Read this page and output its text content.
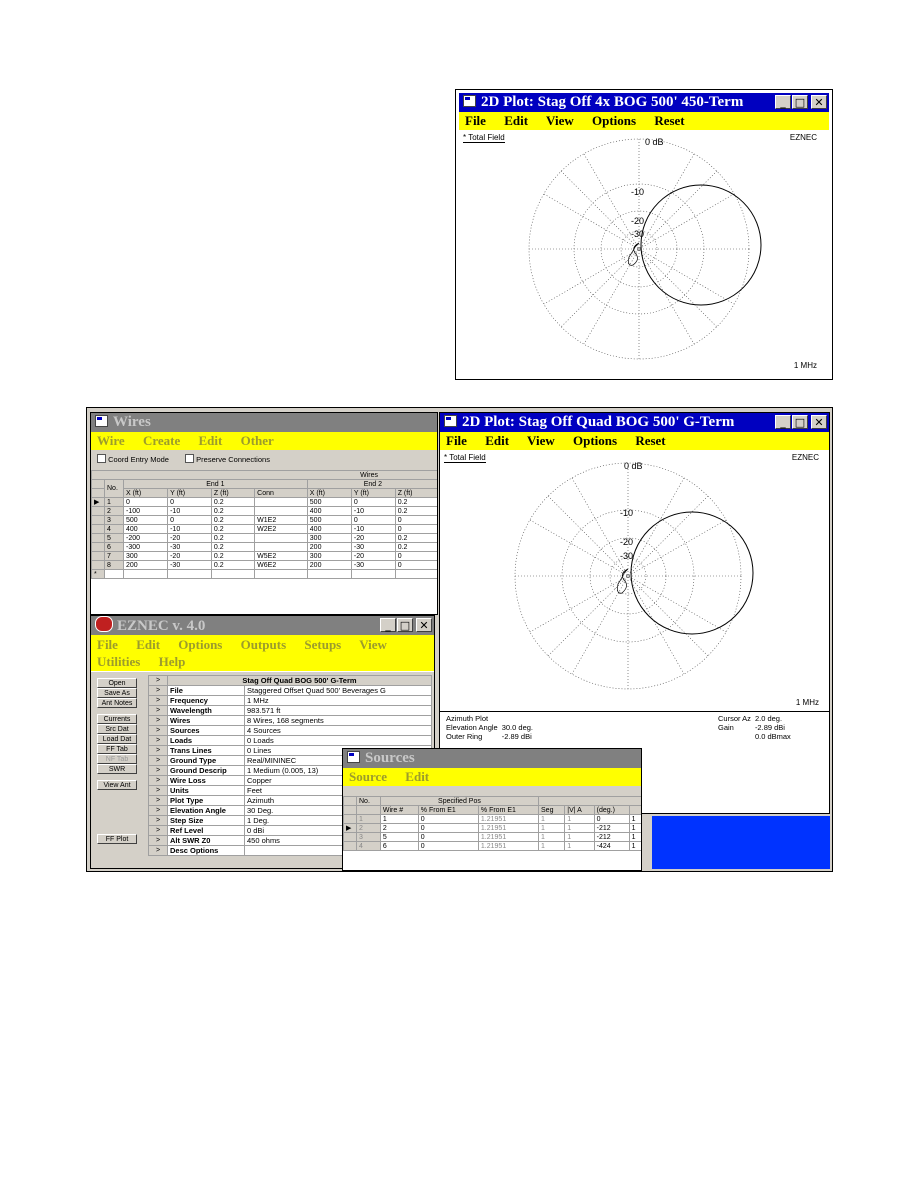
2D Plot: Stag Off 4x BOG 500' 450-Term	_ □ ✕
File Edit View Options Reset
* Total Field	EZNEC
1 MHz
0 dB
-10
-20
-30
Wires
Wire Create Edit Other
Coord Entry Mode	Preserve Connections
Wires								
	No.	End 1				End 2		
		X (ft)	Y (ft)	Z (ft)	Conn	X (ft)	Y (ft)	Z (ft)
▶	1	0	0	0.2		500	0	0.2
	2	-100	-10	0.2		400	-10	0.2
	3	500	0	0.2	W1E2	500	0	0
	4	400	-10	0.2	W2E2	400	-10	0
	5	-200	-20	0.2		300	-20	0.2
	6	-300	-30	0.2		200	-30	0.2
	7	300	-20	0.2	W5E2	300	-20	0
	8	200	-30	0.2	W6E2	200	-30	0
*								
2D Plot: Stag Off Quad BOG 500' G-Term	_ □ ✕
File Edit View Options Reset
* Total Field	EZNEC
1 MHz
0 dB
-10
-20
-30
Azimuth Plot	
Elevation Angle	30.0 deg.
Outer Ring	-2.89 dBi

Cursor Az	2.0 deg.
Gain	-2.89 dBi
	0.0 dBmax
EZNEC v. 4.0	_ □ ✕
File Edit Options Outputs Setups View
Utilities Help
Open
Save As
Ant Notes
Currents
Src Dat
Load Dat
FF Tab
NF Tab
SWR
View Ant
FF Plot
>	Stag Off Quad BOG 500' G-Term	
>	File	Staggered Offset Quad 500' Beverages G
>	Frequency	1 MHz
>	Wavelength	983.571 ft
>	Wires	8 Wires, 168 segments
>	Sources	4 Sources
>	Loads	0 Loads
>	Trans Lines	0 Lines
>	Ground Type	Real/MININEC
>	Ground Descrip	1 Medium (0.005, 13)
>	Wire Loss	Copper
>	Units	Feet
>	Plot Type	Azimuth
>	Elevation Angle	30 Deg.
>	Step Size	1 Deg.
>	Ref Level	0 dBi
>	Alt SWR Z0	450 ohms
>	Desc Options	
Sources
Source Edit
	No.	Specified Pos						
		Wire #	% From E1	% From E1	Seg	|V| A	(deg.)	
	1	1	0	1.21951	1	1	0	1
▶	2	2	0	1.21951	1	1	-212	1
	3	5	0	1.21951	1	1	-212	1
	4	6	0	1.21951	1	1	-424	1
